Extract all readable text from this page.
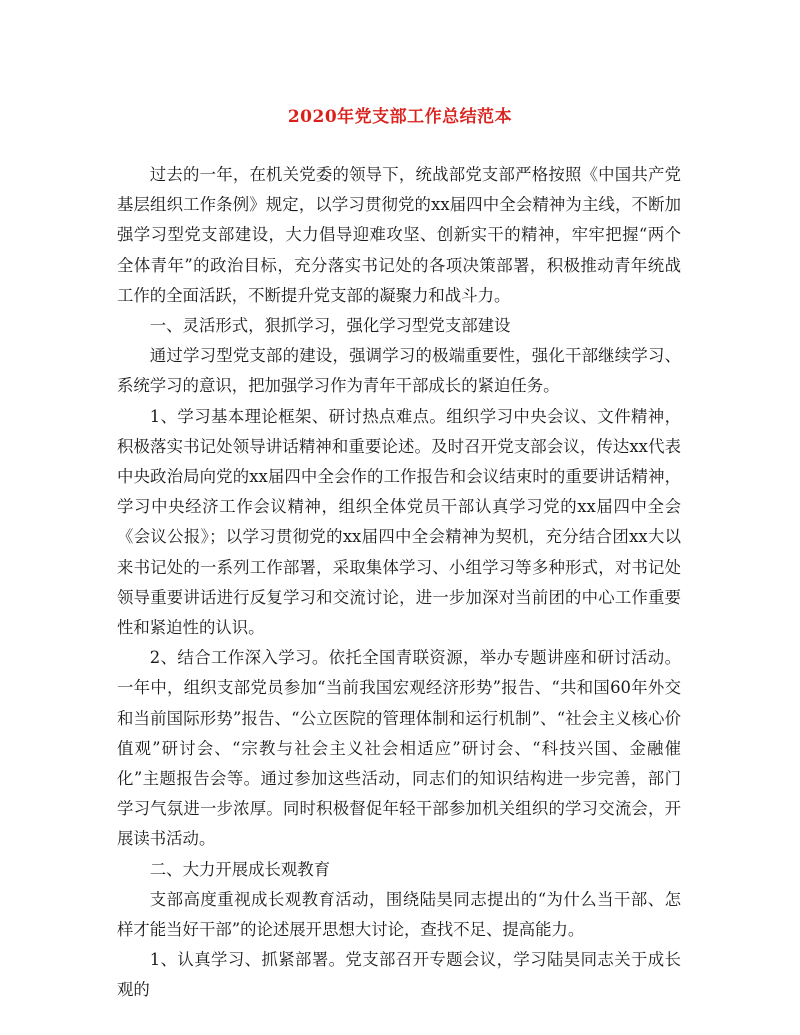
2020年党支部工作总结范本

过去的一年，在机关党委的领导下，统战部党支部严格按照《中国共产党基层组织工作条例》规定，以学习贯彻党的xx届四中全会精神为主线，不断加强学习型党支部建设，大力倡导迎难攻坚、创新实干的精神，牢牢把握“两个全体青年”的政治目标，充分落实书记处的各项决策部署，积极推动青年统战工作的全面活跃，不断提升党支部的凝聚力和战斗力。

一、灵活形式，狠抓学习，强化学习型党支部建设

通过学习型党支部的建设，强调学习的极端重要性，强化干部继续学习、系统学习的意识，把加强学习作为青年干部成长的紧迫任务。

1、学习基本理论框架、研讨热点难点。组织学习中央会议、文件精神，积极落实书记处领导讲话精神和重要论述。及时召开党支部会议，传达xx代表中央政治局向党的xx届四中全会作的工作报告和会议结束时的重要讲话精神，学习中央经济工作会议精神，组织全体党员干部认真学习党的xx届四中全会《会议公报》；以学习贯彻党的xx届四中全会精神为契机，充分结合团xx大以来书记处的一系列工作部署，采取集体学习、小组学习等多种形式，对书记处领导重要讲话进行反复学习和交流讨论，进一步加深对当前团的中心工作重要性和紧迫性的认识。

2、结合工作深入学习。依托全国青联资源，举办专题讲座和研讨活动。一年中，组织支部党员参加“当前我国宏观经济形势”报告、“共和国60年外交和当前国际形势”报告、“公立医院的管理体制和运行机制”、“社会主义核心价值观”研讨会、“宗教与社会主义社会相适应”研讨会、“科技兴国、金融催化”主题报告会等。通过参加这些活动，同志们的知识结构进一步完善，部门学习气氛进一步浓厚。同时积极督促年轻干部参加机关组织的学习交流会，开展读书活动。

二、大力开展成长观教育

支部高度重视成长观教育活动，围绕陆昊同志提出的“为什么当干部、怎样才能当好干部”的论述展开思想大讨论，查找不足、提高能力。

1、认真学习、抓紧部署。党支部召开专题会议，学习陆昊同志关于成长观的
